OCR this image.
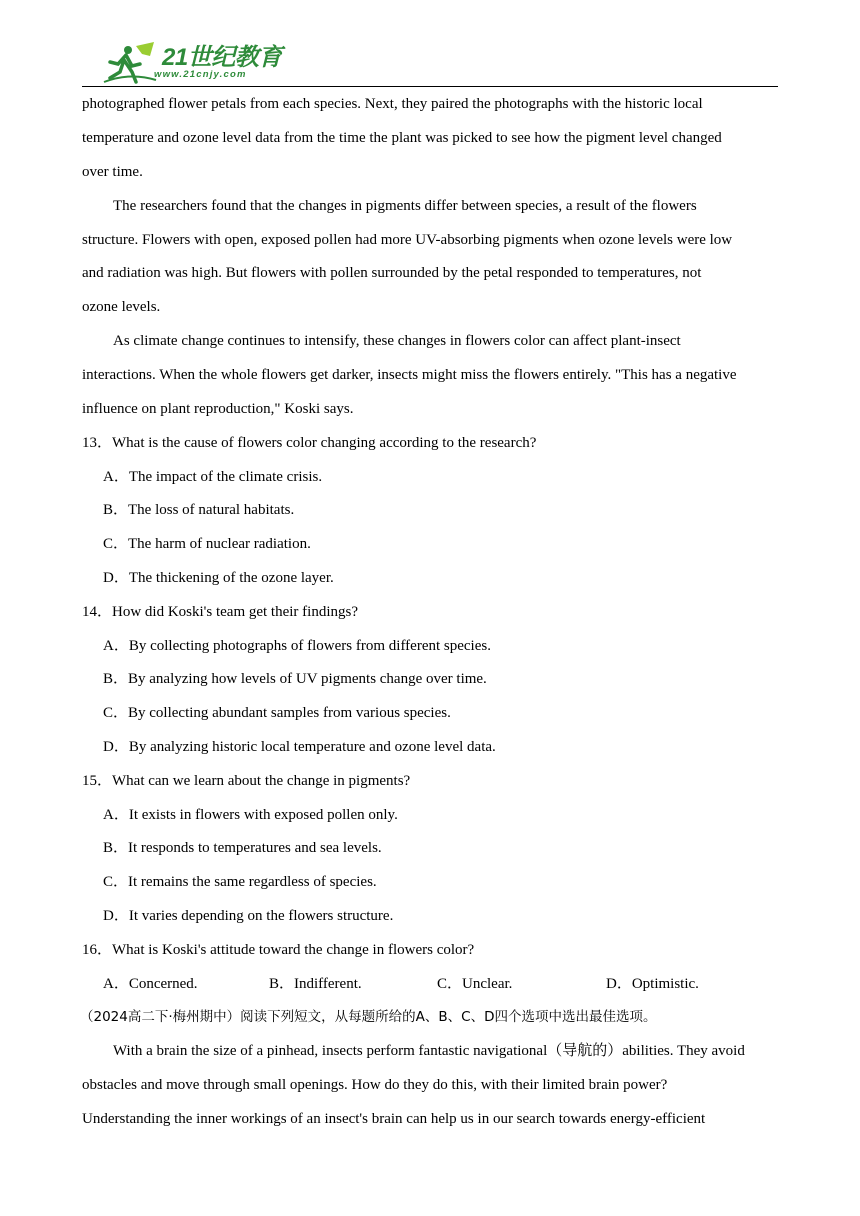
21世纪教育
www.21cnjy.com
photographed flower petals from each species. Next, they paired the photographs with the historic local
temperature and ozone level data from the time the plant was picked to see how the pigment level changed
over time.
The researchers found that the changes in pigments differ between species, a result of the flowers
structure. Flowers with open, exposed pollen had more UV-absorbing pigments when ozone levels were low
and radiation was high. But flowers with pollen surrounded by the petal responded to temperatures, not
ozone levels.
As climate change continues to intensify, these changes in flowers color can affect plant-insect
interactions. When the whole flowers get darker, insects might miss the flowers entirely. "This has a negative
influence on plant reproduction," Koski says.
13．What is the cause of flowers color changing according to the research?
A．The impact of the climate crisis.
B．The loss of natural habitats.
C．The harm of nuclear radiation.
D．The thickening of the ozone layer.
14．How did Koski's team get their findings?
A．By collecting photographs of flowers from different species.
B．By analyzing how levels of UV pigments change over time.
C．By collecting abundant samples from various species.
D．By analyzing historic local temperature and ozone level data.
15．What can we learn about the change in pigments?
A．It exists in flowers with exposed pollen only.
B．It responds to temperatures and sea levels.
C．It remains the same regardless of species.
D．It varies depending on the flowers structure.
16．What is Koski's attitude toward the change in flowers color?
A．Concerned.	B．Indifferent.	C．Unclear.	D．Optimistic.
（2024高二下·梅州期中）阅读下列短文，从每题所给的A、B、C、D四个选项中选出最佳选项。
With a brain the size of a pinhead, insects perform fantastic navigational（导航的）abilities. They avoid
obstacles and move through small openings. How do they do this, with their limited brain power?
Understanding the inner workings of an insect's brain can help us in our search towards energy-efficient
